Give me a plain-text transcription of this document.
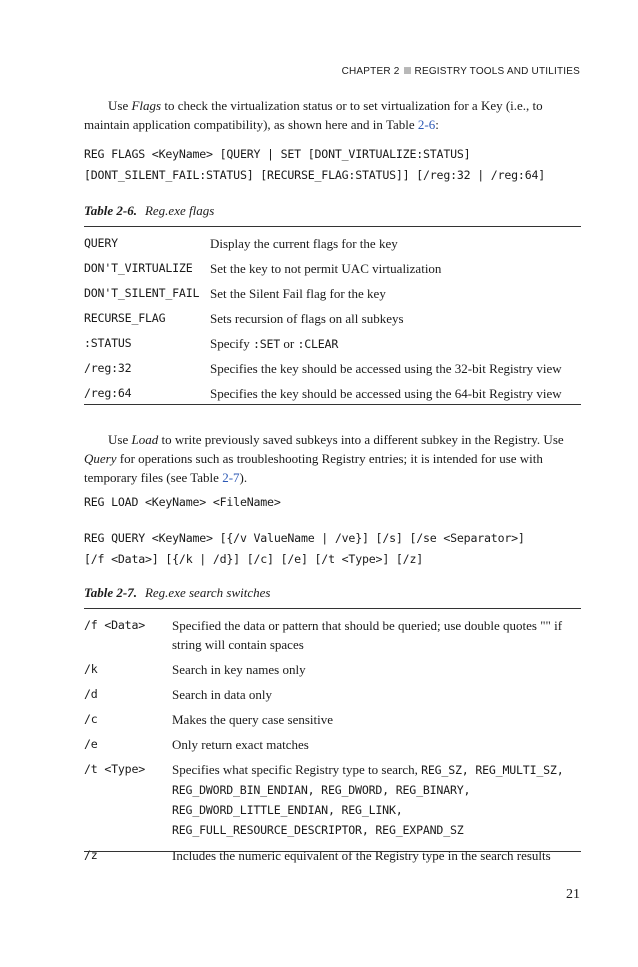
CHAPTER 2 REGISTRY TOOLS AND UTILITIES

Use Flags to check the virtualization status or to set virtualization for a Key (i.e., to maintain application compatibility), as shown here and in Table 2-6:

REG FLAGS <KeyName> [QUERY | SET [DONT_VIRTUALIZE:STATUS]
[DONT_SILENT_FAIL:STATUS] [RECURSE_FLAG:STATUS]] [/reg:32 | /reg:64]
Table 2-6. Reg.exe flags
QUERY	Display the current flags for the key
DON'T_VIRTUALIZE	Set the key to not permit UAC virtualization
DON'T_SILENT_FAIL	Set the Silent Fail flag for the key
RECURSE_FLAG	Sets recursion of flags on all subkeys
:STATUS	Specify :SET or :CLEAR
/reg:32	Specifies the key should be accessed using the 32-bit Registry view
/reg:64	Specifies the key should be accessed using the 64-bit Registry view

Use Load to write previously saved subkeys into a different subkey in the Registry. Use Query for operations such as troubleshooting Registry entries; it is intended for use with temporary files (see Table 2-7).

REG LOAD <KeyName> <FileName>
REG QUERY <KeyName> [{/v ValueName | /ve}] [/s] [/se <Separator>]
[/f <Data>] [{/k | /d}] [/c] [/e] [/t <Type>] [/z]
Table 2-7. Reg.exe search switches
/f <Data>	Specified the data or pattern that should be queried; use double quotes "" if string will contain spaces
/k	Search in key names only
/d	Search in data only
/c	Makes the query case sensitive
/e	Only return exact matches
/t <Type>	Specifies what specific Registry type to search, REG_SZ, REG_MULTI_SZ, REG_DWORD_BIN_ENDIAN, REG_DWORD, REG_BINARY, REG_DWORD_LITTLE_ENDIAN, REG_LINK, REG_FULL_RESOURCE_DESCRIPTOR, REG_EXPAND_SZ
/z	Includes the numeric equivalent of the Registry type in the search results
21
